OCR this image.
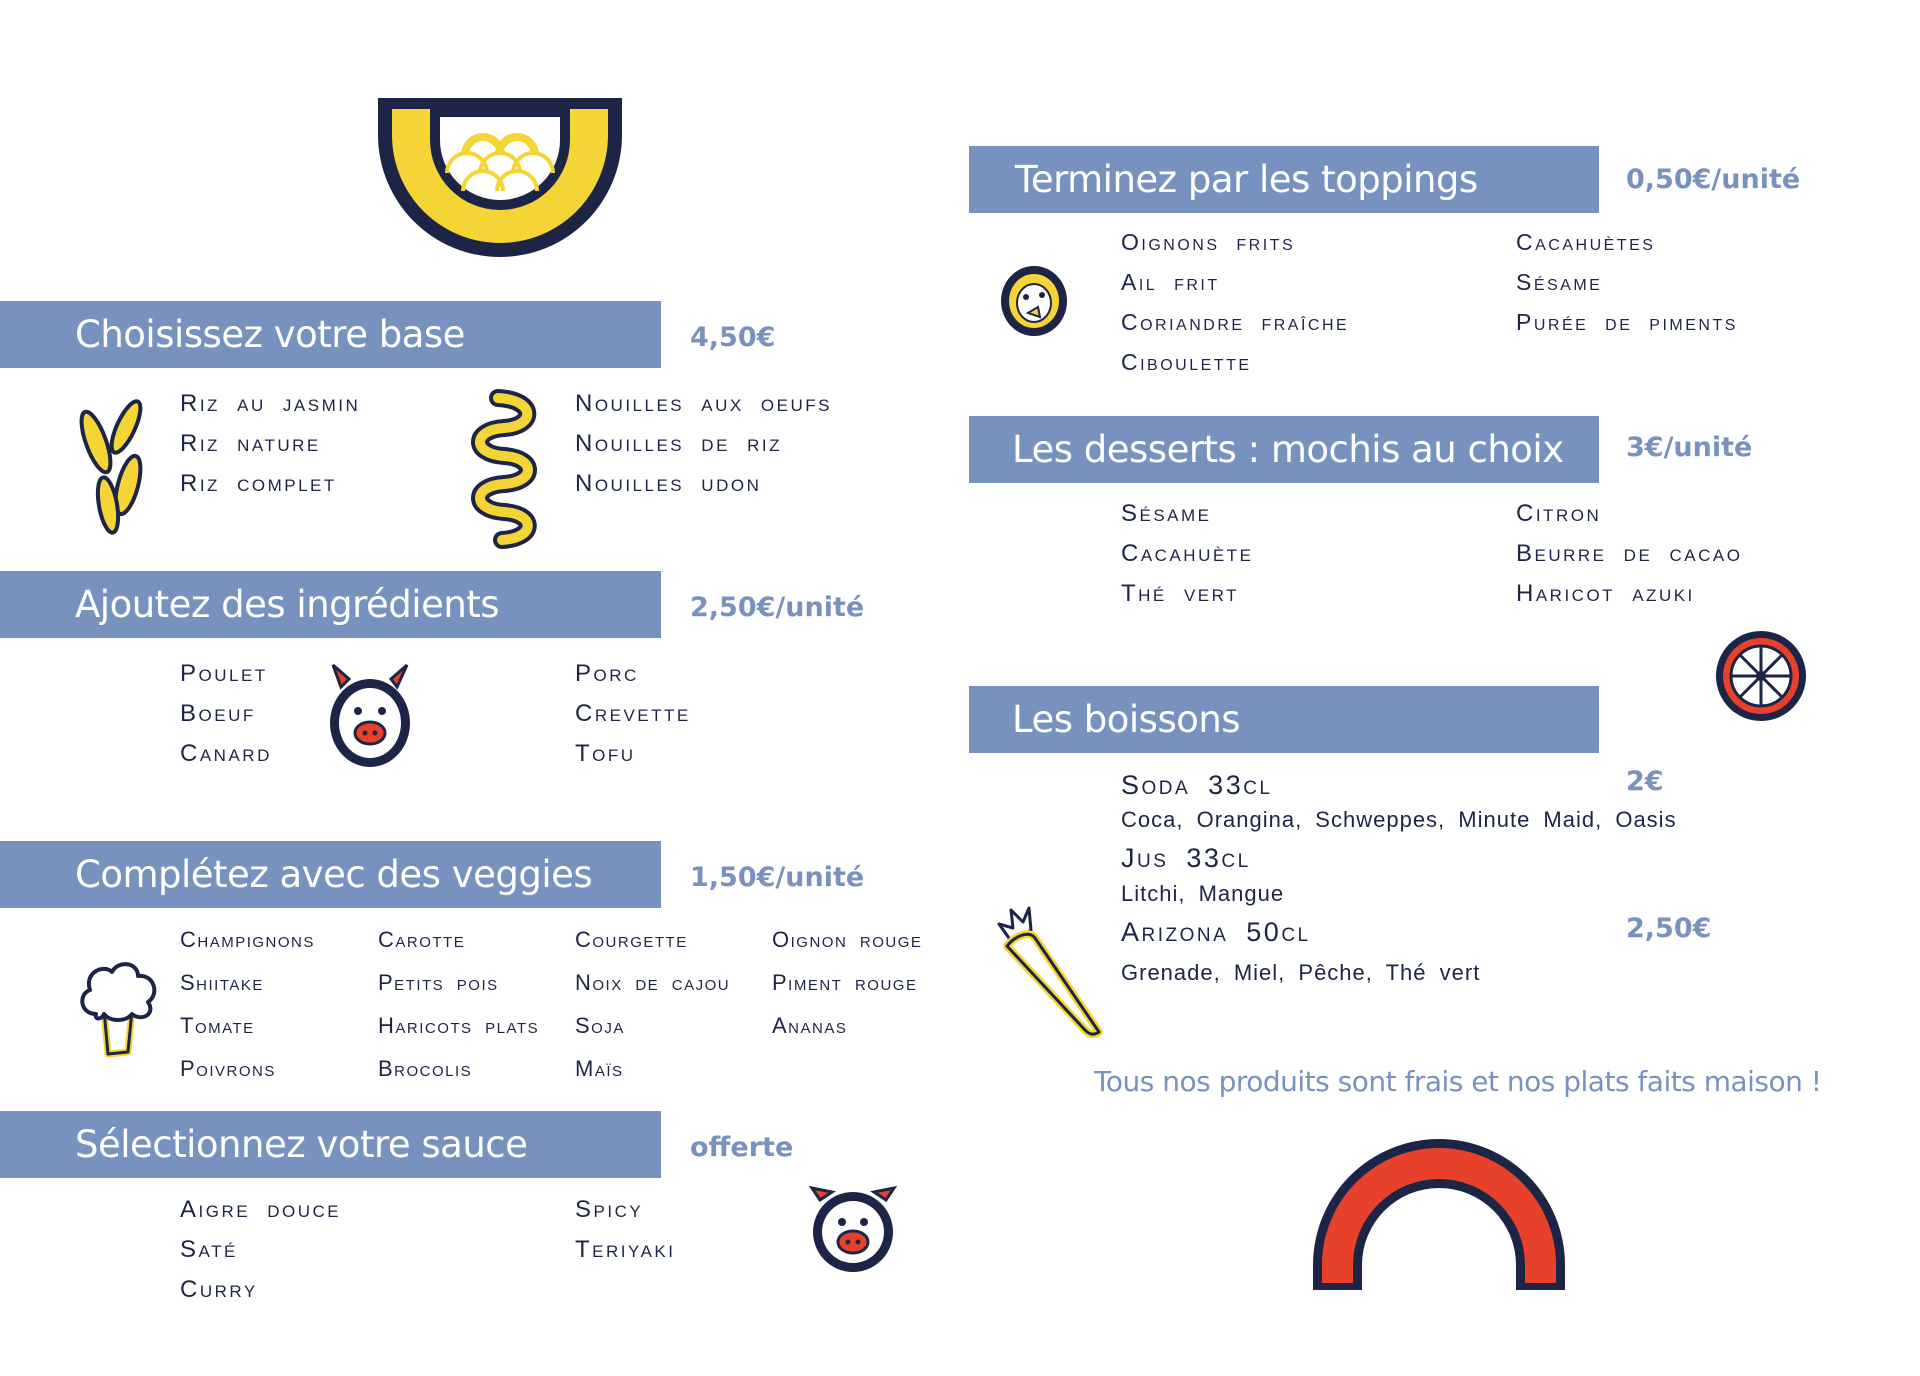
Choisissez votre base	4,50€
Riz au jasmin
Riz nature
Riz complet
Nouilles aux oeufs
Nouilles de riz
Nouilles udon
Ajoutez des ingrédients	2,50€/unité
Poulet
Boeuf
Canard
Porc
Crevette
Tofu
Complétez avec des veggies	1,50€/unité
Champignons
Shiitake
Tomate
Poivrons
Carotte
Petits pois
Haricots plats
Brocolis
Courgette
Noix de cajou
Soja
Maïs
Oignon rouge
Piment rouge
Ananas
Sélectionnez votre sauce	offerte
Aigre douce
Saté
Curry
Spicy
Teriyaki
Terminez par les toppings	0,50€/unité
Oignons frits
Ail frit
Coriandre fraîche
Ciboulette
Cacahuètes
Sésame
Purée de piments
Les desserts : mochis au choix 3€/unité
Sésame
Cacahuète
Thé vert
Citron
Beurre de cacao
Haricot azuki
Les boissons
Soda 33cl	2€
Coca, Orangina, Schweppes, Minute Maid, Oasis
Jus 33cl
Litchi, Mangue
Arizona 50cl	2,50€
Grenade, Miel, Pêche, Thé vert
Tous nos produits sont frais et nos plats faits maison !
